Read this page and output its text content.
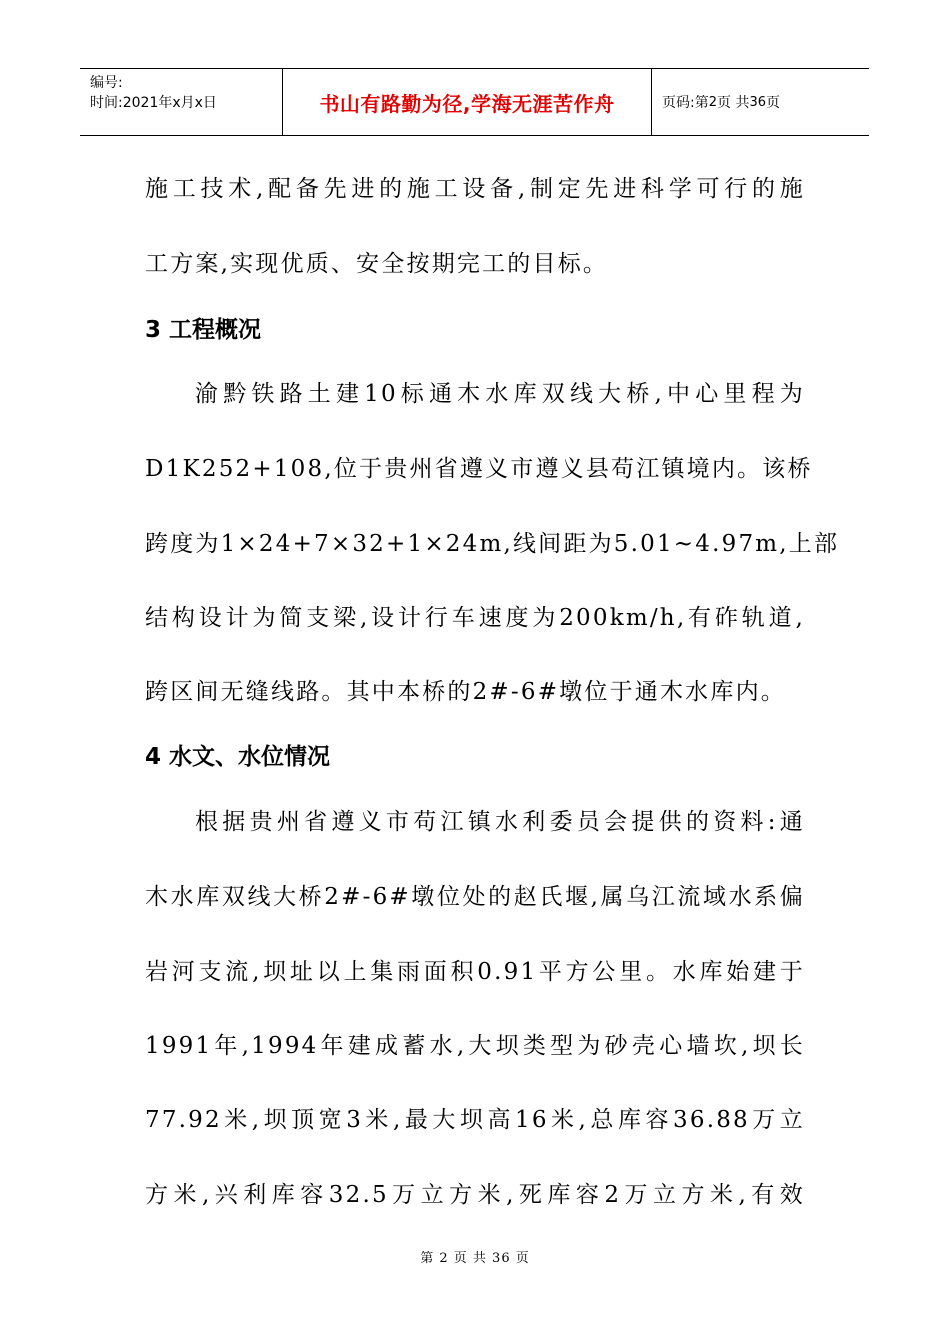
编号:
时间:2021年x月x日	书山有路勤为径,学海无涯苦作舟	页码:第 2 页 共 36 页
施工技术,配备先进的施工设备,制定先进科学可行的施
工方案,实现优质、安全按期完工的目标。
3 工程概况
渝黔铁路土建10标通木水库双线大桥,中心里程为
D1K252+108,位于贵州省遵义市遵义县苟江镇境内。该桥
跨度为1×24+7×32+1×24m,线间距为5.01~4.97m,上部
结构设计为简支梁,设计行车速度为200km/h,有砟轨道,
跨区间无缝线路。其中本桥的2#-6#墩位于通木水库内。
4 水文、水位情况
根据贵州省遵义市苟江镇水利委员会提供的资料:通
木水库双线大桥2#-6#墩位处的赵氏堰,属乌江流域水系偏
岩河支流,坝址以上集雨面积0.91平方公里。水库始建于
1991年,1994年建成蓄水,大坝类型为砂壳心墙坎,坝长
77.92米,坝顶宽3米,最大坝高16米,总库容36.88万立
方米,兴利库容32.5万立方米,死库容2万立方米,有效
第 2 页 共 36 页
